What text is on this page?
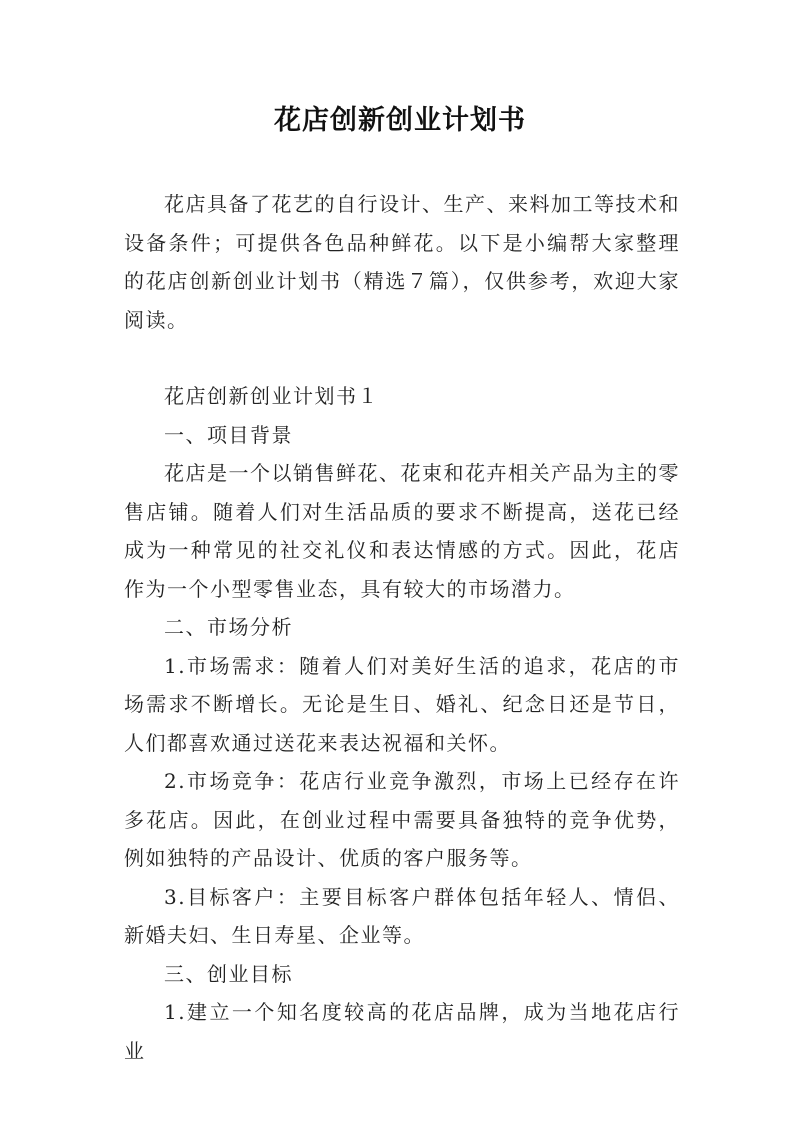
花店创新创业计划书

花店具备了花艺的自行设计、生产、来料加工等技术和设备条件；可提供各色品种鲜花。以下是小编帮大家整理的花店创新创业计划书（精选７篇），仅供参考，欢迎大家阅读。

花店创新创业计划书１

一、项目背景

花店是一个以销售鲜花、花束和花卉相关产品为主的零售店铺。随着人们对生活品质的要求不断提高，送花已经成为一种常见的社交礼仪和表达情感的方式。因此，花店作为一个小型零售业态，具有较大的市场潜力。

二、市场分析

1.市场需求：随着人们对美好生活的追求，花店的市场需求不断增长。无论是生日、婚礼、纪念日还是节日，人们都喜欢通过送花来表达祝福和关怀。

2.市场竞争：花店行业竞争激烈，市场上已经存在许多花店。因此，在创业过程中需要具备独特的竞争优势，例如独特的产品设计、优质的客户服务等。

3.目标客户：主要目标客户群体包括年轻人、情侣、新婚夫妇、生日寿星、企业等。

三、创业目标

1.建立一个知名度较高的花店品牌，成为当地花店行业
